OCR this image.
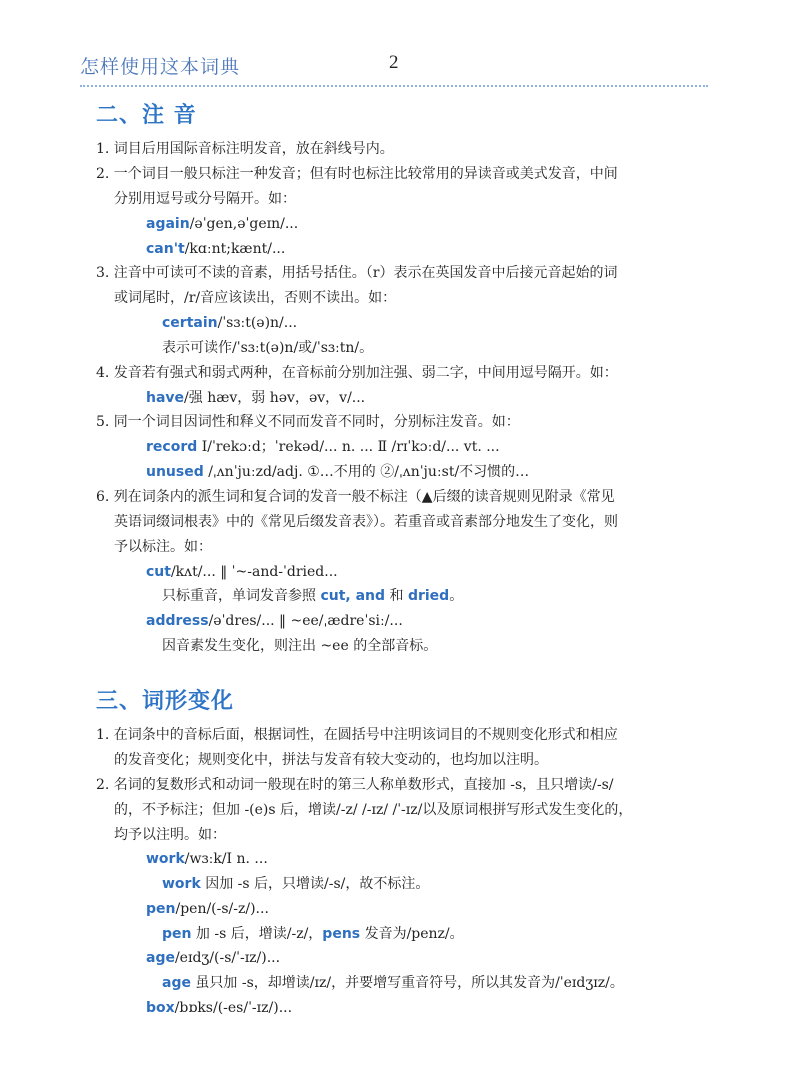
怎样使用这本词典	2
二、注 音
1. 词目后用国际音标注明发音，放在斜线号内。
2. 一个词目一般只标注一种发音；但有时也标注比较常用的异读音或美式发音，中间
分别用逗号或分号隔开。如：
again/əˈgen,əˈgeɪn/...
can't/kɑːnt;kænt/...
3. 注音中可读可不读的音素，用括号括住。（r）表示在英国发音中后接元音起始的词
或词尾时，/r/音应该读出，否则不读出。如：
certain/ˈsɜːt(ə)n/...
表示可读作/ˈsɜːt(ə)n/或/ˈsɜːtn/。
4. 发音若有强式和弱式两种，在音标前分别加注强、弱二字，中间用逗号隔开。如：
have/强 hæv，弱 həv，əv，v/...
5. 同一个词目因词性和释义不同而发音不同时，分别标注发音。如：
record Ⅰ/ˈrekɔːd；ˈrekəd/... n. ... Ⅱ /rɪˈkɔːd/... vt. ...
unused /ˌʌnˈjuːzd/adj. ①…不用的 ②/ˌʌnˈjuːst/不习惯的…
6. 列在词条内的派生词和复合词的发音一般不标注（▲后缀的读音规则见附录《常见
英语词缀词根表》中的《常见后缀发音表》）。若重音或音素部分地发生了变化，则
予以标注。如：
cut/kʌt/... ‖ ˈ~-and-ˈdried...
只标重音，单词发音参照 cut, and 和 dried。
address/əˈdres/... ‖ ~ee/ˌædreˈsiː/...
因音素发生变化，则注出 ~ee 的全部音标。
三、词形变化
1. 在词条中的音标后面，根据词性，在圆括号中注明该词目的不规则变化形式和相应
的发音变化；规则变化中，拼法与发音有较大变动的，也均加以注明。
2. 名词的复数形式和动词一般现在时的第三人称单数形式，直接加 -s，且只增读/-s/
的，不予标注；但加 -(e)s 后，增读/-z/ /-ɪz/ /ˈ-ɪz/以及原词根拼写形式发生变化的，
均予以注明。如：
work/wɜːk/Ⅰ n. ...
work 因加 -s 后，只增读/-s/，故不标注。
pen/pen/(-s/-z/)...
pen 加 -s 后，增读/-z/，pens 发音为/penz/。
age/eɪdʒ/(-s/ˈ-ɪz/)...
age 虽只加 -s，却增读/ɪz/，并要增写重音符号，所以其发音为/ˈeɪdʒɪz/。
box/bɒks/(-es/ˈ-ɪz/)...
